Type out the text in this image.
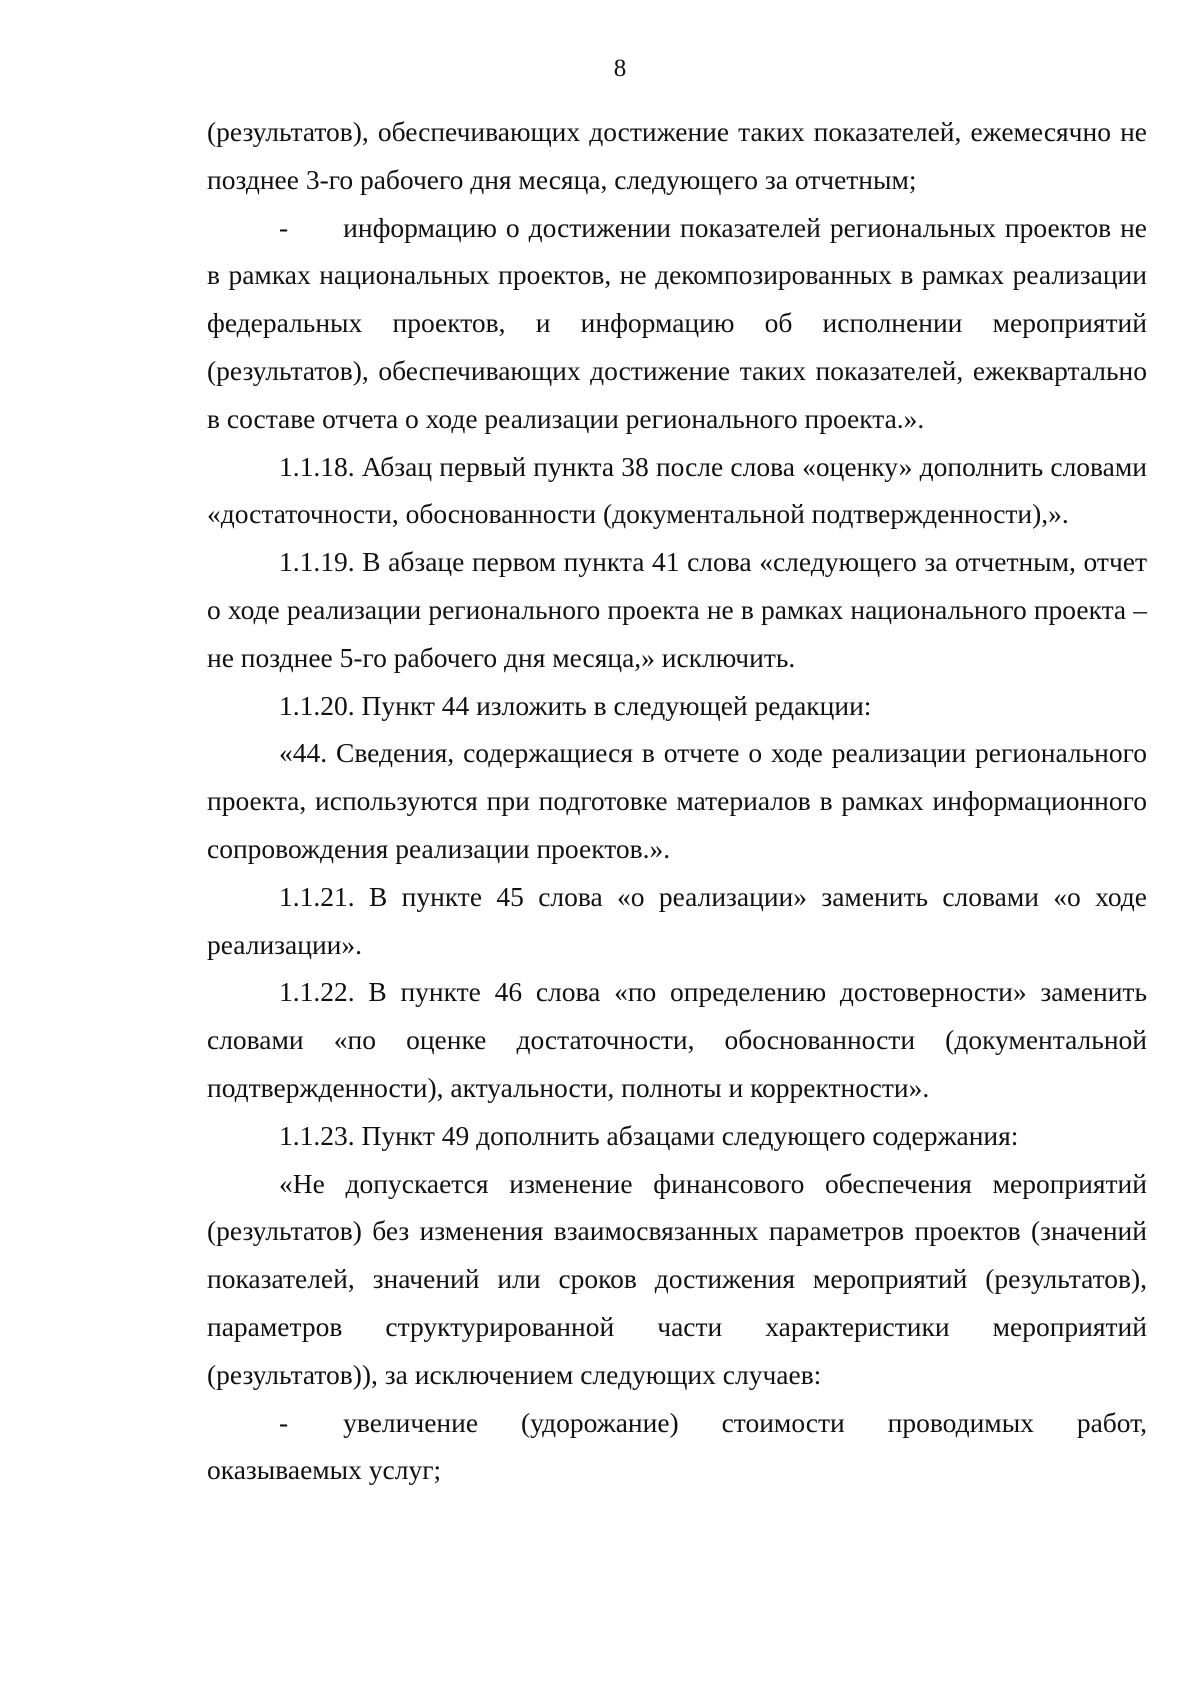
8

(результатов), обеспечивающих достижение таких показателей, ежемесячно не позднее 3-го рабочего дня месяца, следующего за отчетным;

-  информацию о достижении показателей региональных проектов не в рамках национальных проектов, не декомпозированных в рамках реализации федеральных проектов, и информацию об исполнении мероприятий (результатов), обеспечивающих достижение таких показателей, ежеквартально в составе отчета о ходе реализации регионального проекта.».

1.1.18. Абзац первый пункта 38 после слова «оценку» дополнить словами «достаточности, обоснованности (документальной подтвержденности),».

1.1.19. В абзаце первом пункта 41 слова «следующего за отчетным, отчет о ходе реализации регионального проекта не в рамках национального проекта – не позднее 5-го рабочего дня месяца,» исключить.

1.1.20. Пункт 44 изложить в следующей редакции:

«44. Сведения, содержащиеся в отчете о ходе реализации регионального проекта, используются при подготовке материалов в рамках информационного сопровождения реализации проектов.».

1.1.21. В пункте 45 слова «о реализации» заменить словами «о ходе реализации».

1.1.22. В пункте 46 слова «по определению достоверности» заменить словами «по оценке достаточности, обоснованности (документальной подтвержденности), актуальности, полноты и корректности».

1.1.23. Пункт 49 дополнить абзацами следующего содержания:

«Не допускается изменение финансового обеспечения мероприятий (результатов) без изменения взаимосвязанных параметров проектов (значений показателей, значений или сроков достижения мероприятий (результатов), параметров структурированной части характеристики мероприятий (результатов)), за исключением следующих случаев:

-  увеличение (удорожание) стоимости проводимых работ, оказываемых услуг;
